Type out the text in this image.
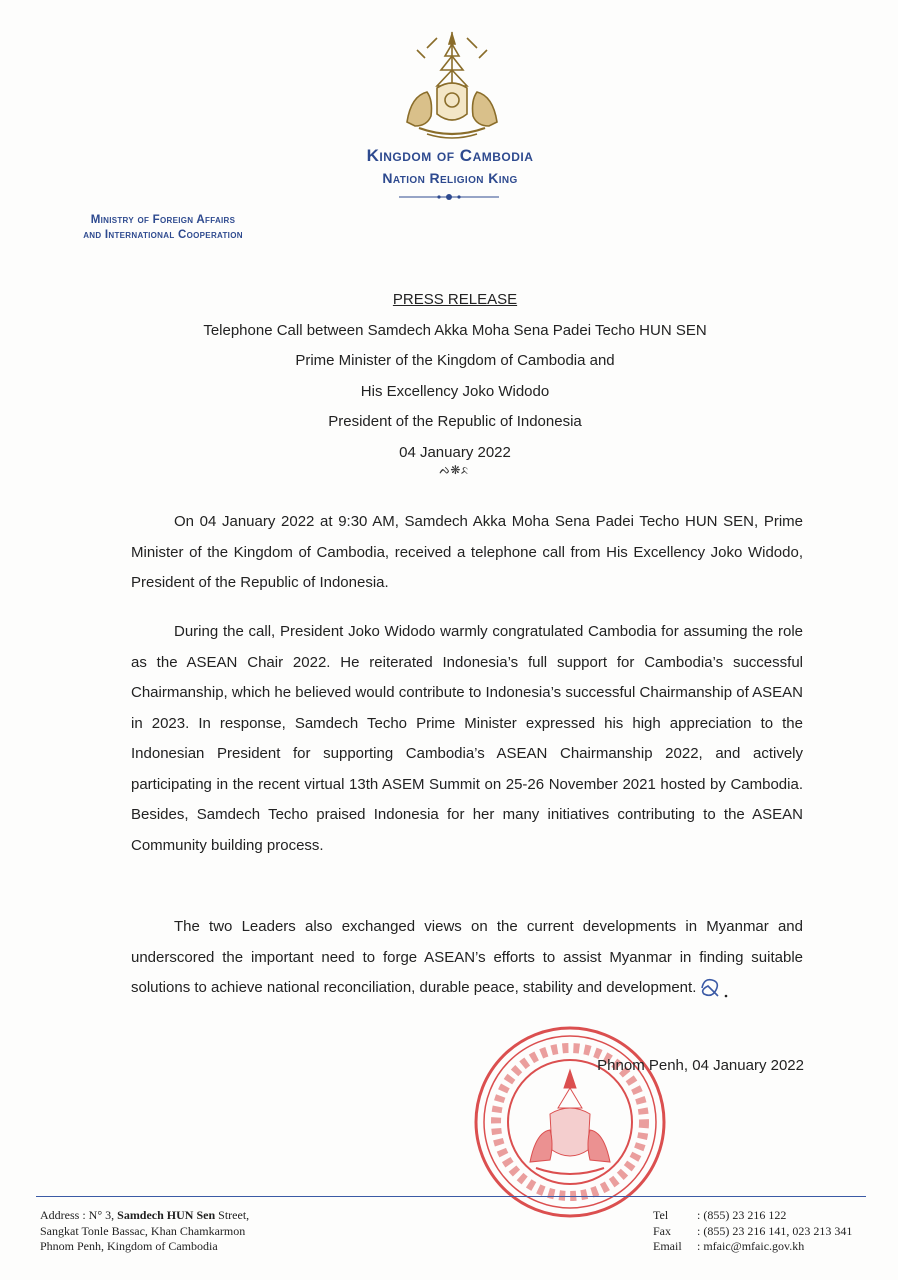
Kingdom of Cambodia
Nation Religion King
Ministry of Foreign Affairs
and International Cooperation
PRESS RELEASE
Telephone Call between Samdech Akka Moha Sena Padei Techo HUN SEN
Prime Minister of the Kingdom of Cambodia and
His Excellency Joko Widodo
President of the Republic of Indonesia
04 January 2022
ᨄ❋ᨅ

On 04 January 2022 at 9:30 AM, Samdech Akka Moha Sena Padei Techo HUN SEN, Prime Minister of the Kingdom of Cambodia, received a telephone call from His Excellency Joko Widodo, President of the Republic of Indonesia.

During the call, President Joko Widodo warmly congratulated Cambodia for assuming the role as the ASEAN Chair 2022. He reiterated Indonesia’s full support for Cambodia’s successful Chairmanship, which he believed would contribute to Indonesia’s successful Chairmanship of ASEAN in 2023. In response, Samdech Techo Prime Minister expressed his high appreciation to the Indonesian President for supporting Cambodia’s ASEAN Chairmanship 2022, and actively participating in the recent virtual 13th ASEM Summit on 25-26 November 2021 hosted by Cambodia. Besides, Samdech Techo praised Indonesia for her many initiatives contributing to the ASEAN Community building process.

The two Leaders also exchanged views on the current developments in Myanmar and underscored the important need to forge ASEAN’s efforts to assist Myanmar in finding suitable solutions to achieve national reconciliation, durable peace, stability and development.

Phnom Penh, 04 January 2022
Address : N° 3, Samdech HUN Sen Street,
Sangkat Tonle Bassac, Khan Chamkarmon
Phnom Penh, Kingdom of Cambodia
Tel : (855) 23 216 122
Fax : (855) 23 216 141, 023 213 341
Email : mfaic@mfaic.gov.kh
